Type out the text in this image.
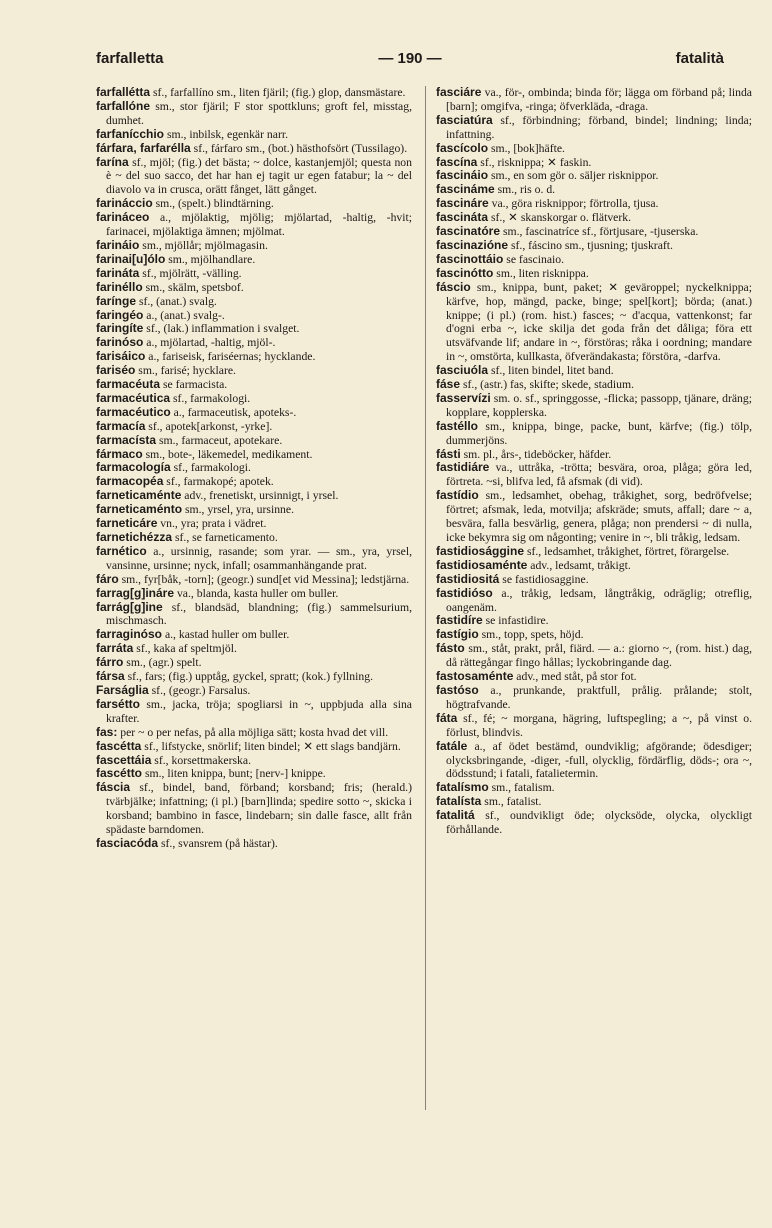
farfalletta	— 190 —	fatalità

farfallétta sf., farfallíno sm., liten fjäril; (fig.) glop, dansmästare.

farfallóne sm., stor fjäril; F stor spottkluns; groft fel, misstag, dumhet.

farfanícchio sm., inbilsk, egenkär narr.

fárfara, farfarélla sf., fárfaro sm., (bot.) hästhofsört (Tussilago).

farína sf., mjöl; (fig.) det bästa; ~ dolce, kastanjemjöl; questa non è ~ del suo sacco, det har han ej tagit ur egen fatabur; la ~ del diavolo va in crusca, orätt fånget, lätt gånget.

farináccio sm., (spelt.) blindtärning.

farináceo a., mjölaktig, mjölig; mjölartad, -haltig, -hvit; farinacei, mjölaktiga ämnen; mjölmat.

farináio sm., mjöllår; mjölmagasin.

farinai[u]ólo sm., mjölhandlare.

farináta sf., mjölrätt, -välling.

farinéllo sm., skälm, spetsbof.

farínge sf., (anat.) svalg.

faringéo a., (anat.) svalg-.

faringíte sf., (lak.) inflammation i svalget.

farinóso a., mjölartad, -haltig, mjöl-.

farisáico a., fariseisk, fariséernas; hycklande.

fariséo sm., farisé; hycklare.

farmacéuta se farmacista.

farmacéutica sf., farmakologi.

farmacéutico a., farmaceutisk, apoteks-.

farmacía sf., apotek[arkonst, -yrke].

farmacísta sm., farmaceut, apotekare.

fármaco sm., bote-, läkemedel, medikament.

farmacología sf., farmakologi.

farmacopéa sf., farmakopé; apotek.

farneticaménte adv., frenetiskt, ursinnigt, i yrsel.

farneticaménto sm., yrsel, yra, ursinne.

farneticáre vn., yra; prata i vädret.

farnetichézza sf., se farneticamento.

farnético a., ursinnig, rasande; som yrar. — sm., yra, yrsel, vansinne, ursinne; nyck, infall; osammanhängande prat.

fáro sm., fyr[båk, -torn]; (geogr.) sund[et vid Messina]; ledstjärna.

farrag[g]ináre va., blanda, kasta huller om buller.

farrág[g]ine sf., blandsäd, blandning; (fig.) sammelsurium, mischmasch.

farraginóso a., kastad huller om buller.

farráta sf., kaka af speltmjöl.

fárro sm., (agr.) spelt.

fársa sf., fars; (fig.) upptåg, gyckel, spratt; (kok.) fyllning.

Farságlia sf., (geogr.) Farsalus.

farsétto sm., jacka, tröja; spogliarsi in ~, uppbjuda alla sina krafter.

fas: per ~ o per nefas, på alla möjliga sätt; kosta hvad det vill.

fascétta sf., lifstycke, snörlif; liten bindel; ✕ ett slags bandjärn.

fascettáia sf., korsettmakerska.

fascétto sm., liten knippa, bunt; [nerv-] knippe.

fáscia sf., bindel, band, förband; korsband; fris; (herald.) tvärbjälke; infattning; (i pl.) [barn]linda; spedire sotto ~, skicka i korsband; bambino in fasce, lindebarn; sin dalle fasce, allt från spädaste barndomen.

fasciacóda sf., svansrem (på hästar).

fasciáre va., för-, ombinda; binda för; lägga om förband på; linda [barn]; omgifva, -ringa; öfverkläda, -draga.

fasciatúra sf., förbindning; förband, bindel; lindning; linda; infattning.

fascícolo sm., [bok]häfte.

fascína sf., risknippa; ✕ faskin.

fascináio sm., en som gör o. säljer risknippor.

fascináme sm., ris o. d.

fascináre va., göra risknippor; förtrolla, tjusa.

fascináta sf., ✕ skanskorgar o. flätverk.

fascinatóre sm., fascinatríce sf., förtjusare, -tjuserska.

fascinazióne sf., fáscino sm., tjusning; tjuskraft.

fascinottáio se fascinaio.

fascinótto sm., liten risknippa.

fáscio sm., knippa, bunt, paket; ✕ geväroppel; nyckelknippa; kärfve, hop, mängd, packe, binge; spel[kort]; börda; (anat.) knippe; (i pl.) (rom. hist.) fasces; ~ d'acqua, vattenkonst; far d'ogni erba ~, icke skilja det goda från det dåliga; föra ett utsväfvande lif; andare in ~, förstöras; råka i oordning; mandare in ~, omstörta, kullkasta, öfverändakasta; förstöra, -darfva.

fasciuóla sf., liten bindel, litet band.

fáse sf., (astr.) fas, skifte; skede, stadium.

fasservízi sm. o. sf., springgosse, -flicka; passopp, tjänare, dräng; kopplare, kopplerska.

fastéllo sm., knippa, binge, packe, bunt, kärfve; (fig.) tölp, dummerjöns.

fásti sm. pl., års-, tideböcker, häfder.

fastidiáre va., uttråka, -trötta; besvära, oroa, plåga; göra led, förtreta. ~si, blifva led, få afsmak (di vid).

fastídio sm., ledsamhet, obehag, tråkighet, sorg, bedröfvelse; förtret; afsmak, leda, motvilja; afskräde; smuts, affall; dare ~ a, besvära, falla besvärlig, genera, plåga; non prendersi ~ di nulla, icke bekymra sig om någonting; venire in ~, bli tråkig, ledsam.

fastidiosággine sf., ledsamhet, tråkighet, förtret, förargelse.

fastidiosaménte adv., ledsamt, tråkigt.

fastidiositá se fastidiosaggine.

fastidióso a., tråkig, ledsam, långtråkig, odräglig; otreflig, oangenäm.

fastidíre se infastidire.

fastígio sm., topp, spets, höjd.

fásto sm., ståt, prakt, prål, fiärd. — a.: giorno ~, (rom. hist.) dag, då rättegångar fingo hållas; lyckobringande dag.

fastosaménte adv., med ståt, på stor fot.

fastóso a., prunkande, praktfull, prålig. prålande; stolt, högtrafvande.

fáta sf., fé; ~ morgana, hägring, luftspegling; a ~, på vinst o. förlust, blindvis.

fatále a., af ödet bestämd, oundviklig; afgörande; ödesdiger; olycksbringande, -diger, -full, olycklig, fördärflig, döds-; ora ~, dödsstund; i fatali, fatalietermin.

fatalísmo sm., fatalism.

fatalísta sm., fatalist.

fatalitá sf., oundvikligt öde; olycksöde, olycka, olyckligt förhållande.
